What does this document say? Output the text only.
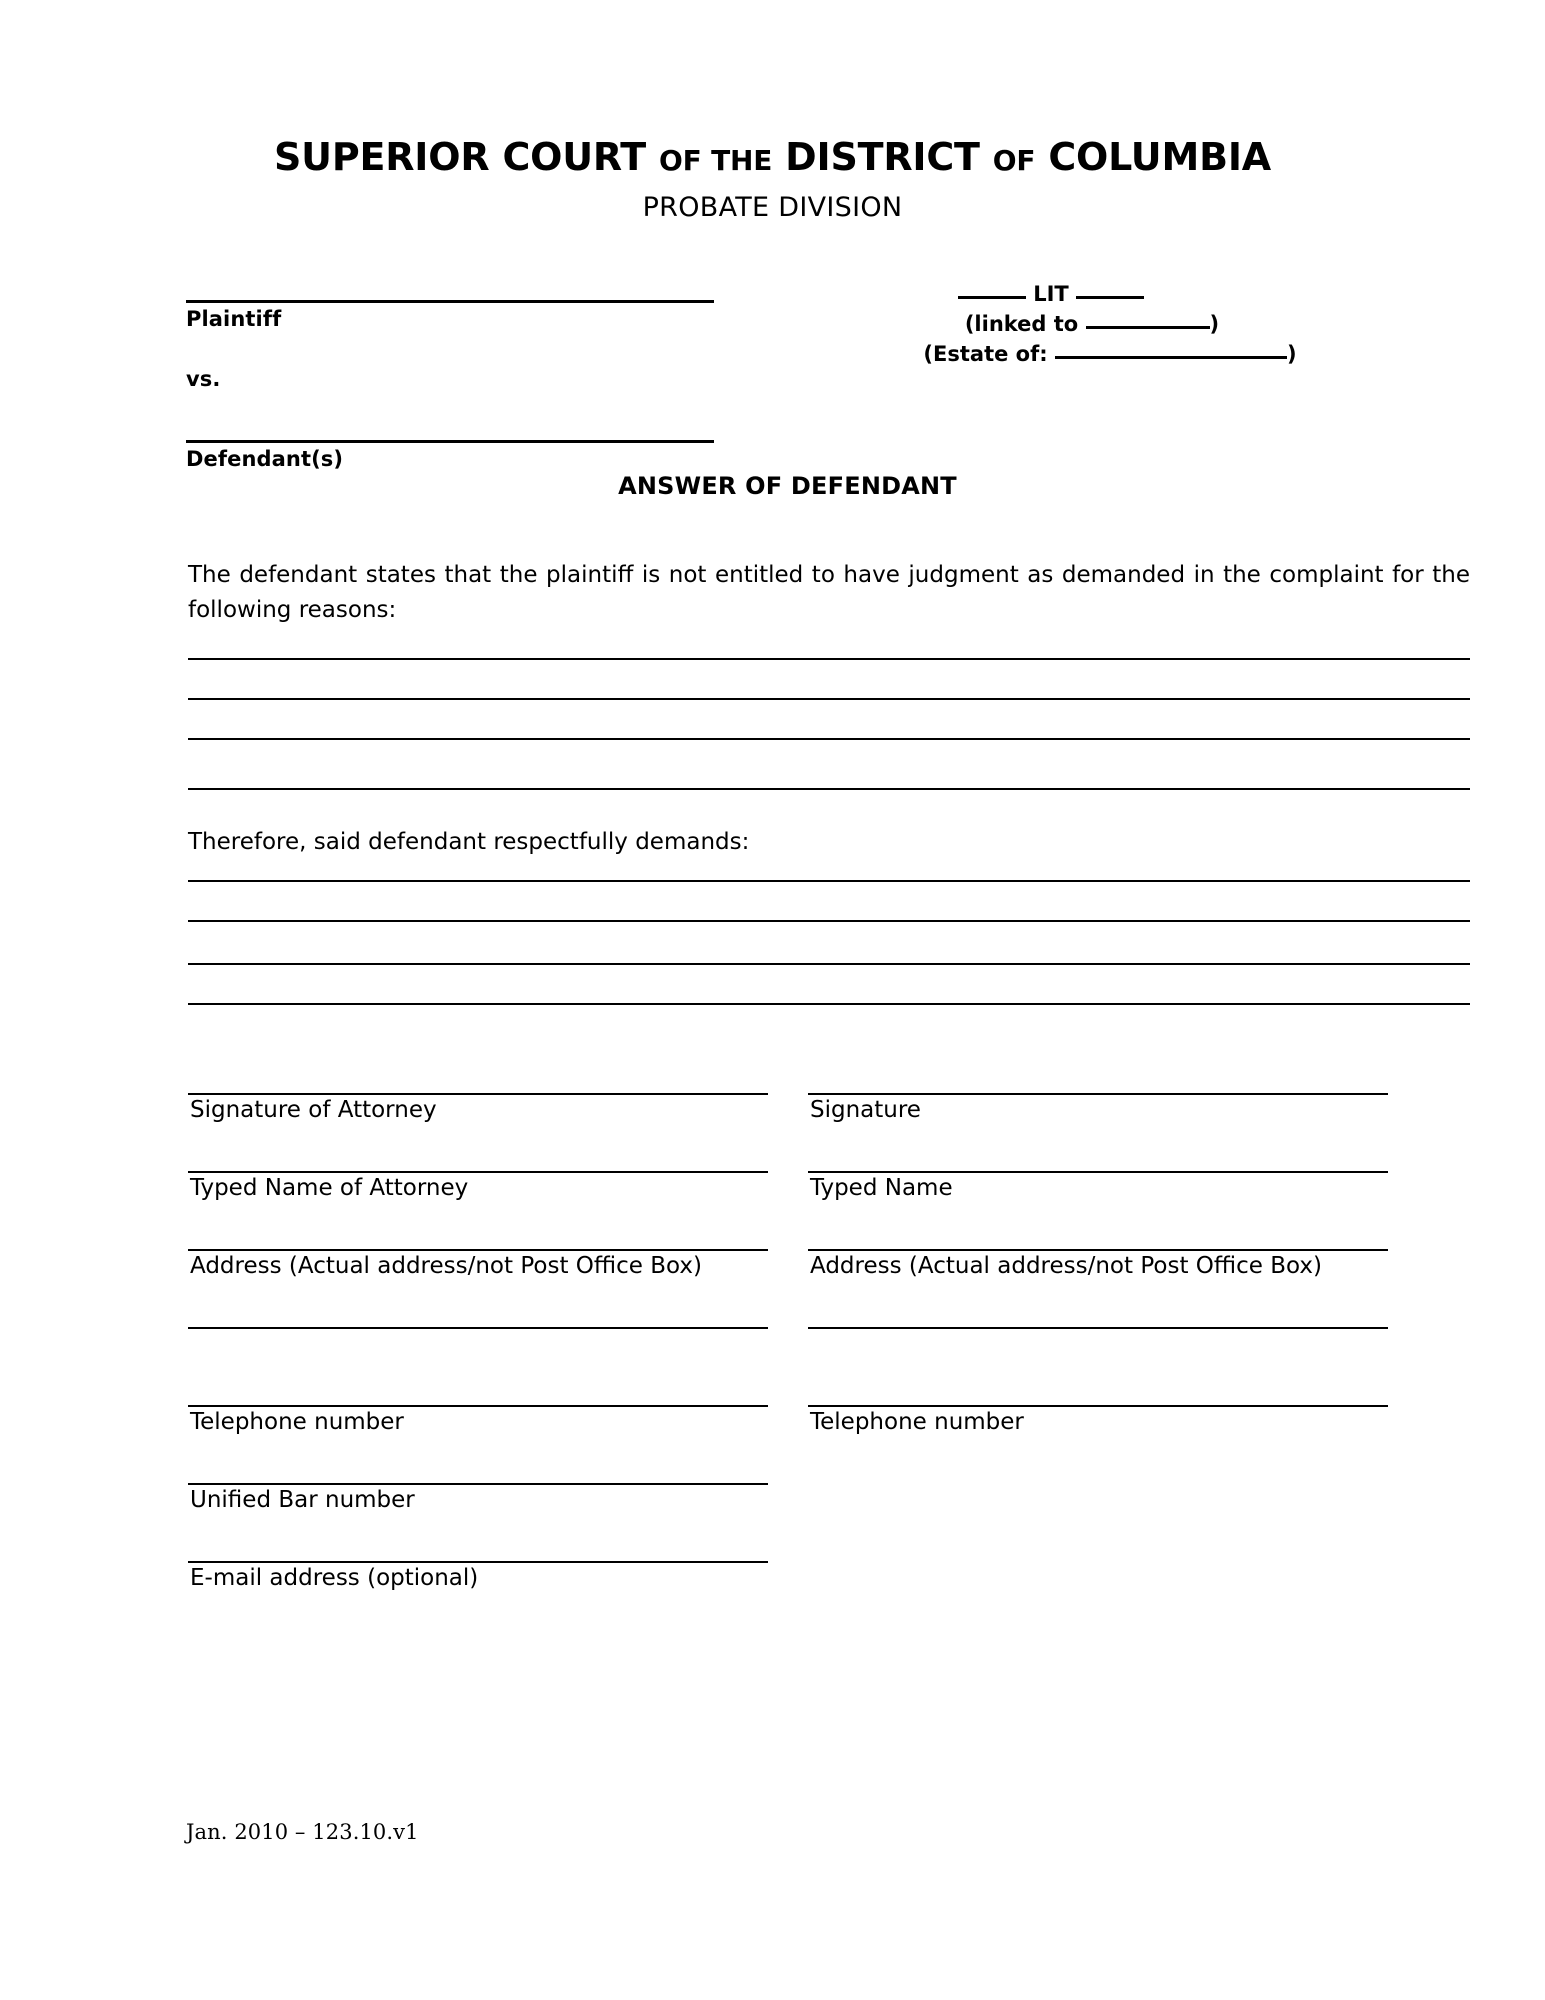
SUPERIOR COURT OF THE DISTRICT OF COLUMBIA
PROBATE DIVISION
Plaintiff
vs.
Defendant(s)
LIT
(linked to	)
(Estate of:	)
ANSWER OF DEFENDANT
The defendant states that the plaintiff is not entitled to have judgment as demanded in the complaint for the following reasons:
Therefore, said defendant respectfully demands:
Signature of Attorney
Typed Name of Attorney
Address (Actual address/not Post Office Box)
Telephone number
Unified Bar number
E-mail address (optional)
Signature
Typed Name
Address (Actual address/not Post Office Box)
Telephone number
Jan. 2010 – 123.10.v1
